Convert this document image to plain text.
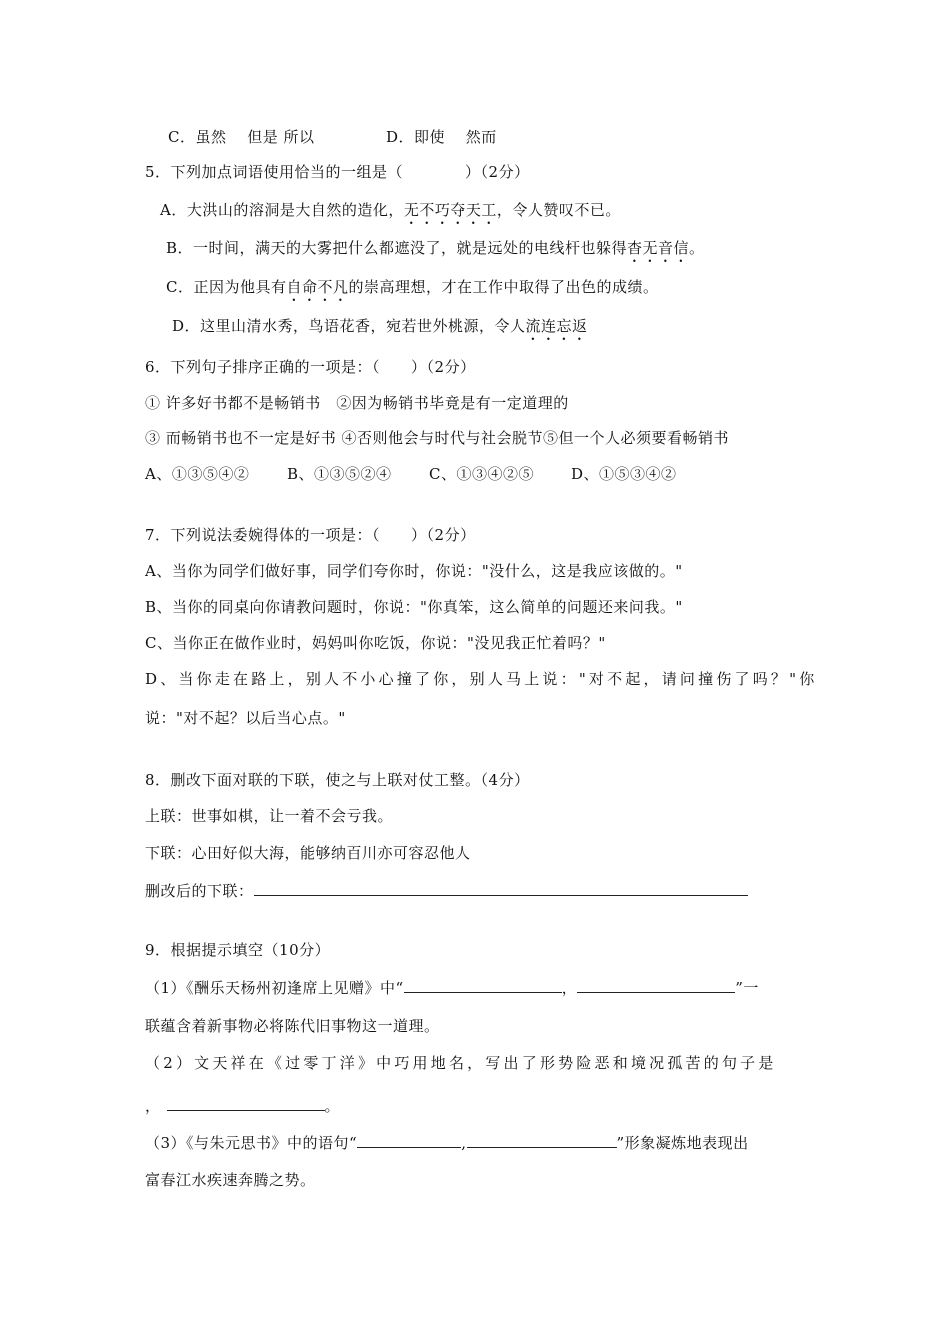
C．虽然　 但是 所以	D．即使　 然而
5．下列加点词语使用恰当的一组是（　　　　）（2分）
A．大洪山的溶洞是大自然的造化，无不巧夺天工，令人赞叹不已。
B．一时间，满天的大雾把什么都遮没了，就是远处的电线杆也躲得杳无音信。
C．正因为他具有自命不凡的崇高理想，才在工作中取得了出色的成绩。
D．这里山清水秀，鸟语花香，宛若世外桃源，令人流连忘返
6．下列句子排序正确的一项是：（　　）（2分）
① 许多好书都不是畅销书　②因为畅销书毕竟是有一定道理的
③ 而畅销书也不一定是好书 ④否则他会与时代与社会脱节⑤但一个人必须要看畅销书
A、①③⑤④②	B、①③⑤②④ C、①③④②⑤ D、①⑤③④②
7．下列说法委婉得体的一项是：（　　）（2分）
A、当你为同学们做好事，同学们夸你时，你说："没什么，这是我应该做的。"
B、当你的同桌向你请教问题时，你说："你真笨，这么简单的问题还来问我。"
C、当你正在做作业时，妈妈叫你吃饭，你说："没见我正忙着吗？"
D、当你走在路上，别人不小心撞了你，别人马上说："对不起，请问撞伤了吗？"你
说："对不起？以后当心点。"
8．删改下面对联的下联，使之与上联对仗工整。（4分）
上联：世事如棋，让一着不会亏我。
下联：心田好似大海，能够纳百川亦可容忍他人
删改后的下联：
9．根据提示填空（10分）
（1）《酬乐天杨州初逢席上见赠》中“	，	”一
联蕴含着新事物必将陈代旧事物这一道理。
（2）文天祥在《过零丁洋》中巧用地名，写出了形势险恶和境况孤苦的句子是
，	。
（3）《与朱元思书》中的语句“	,	”形象凝炼地表现出
富春江水疾速奔腾之势。
